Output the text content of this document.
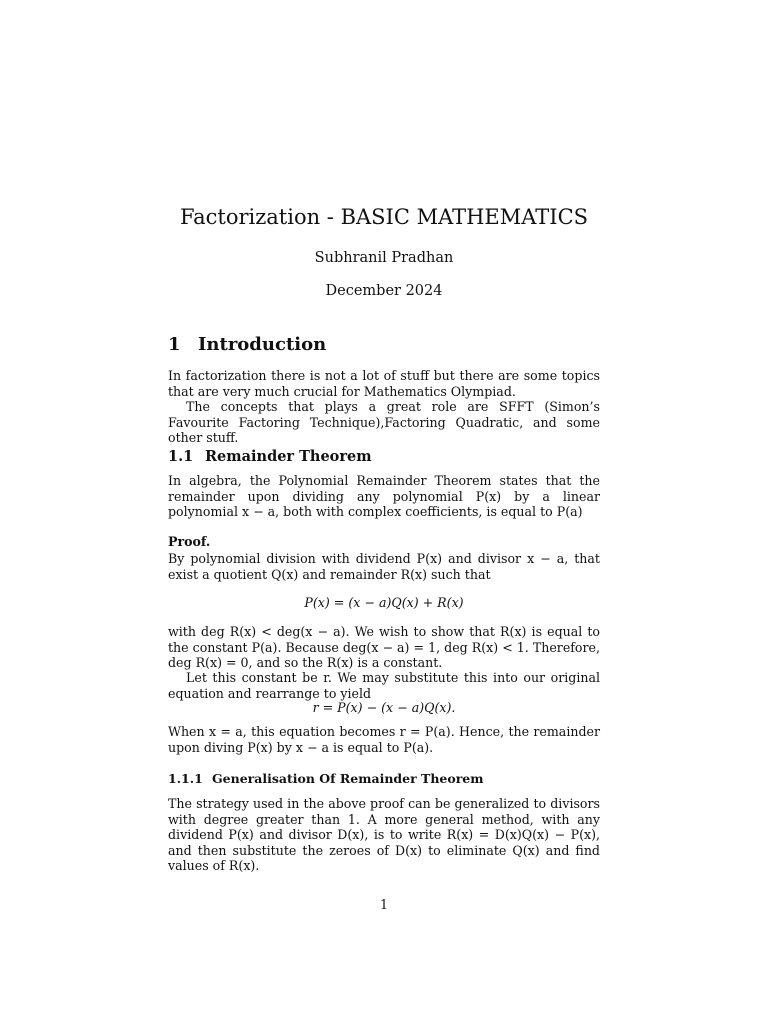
Factorization - BASIC MATHEMATICS
Subhranil Pradhan
December 2024
1 Introduction
In factorization there is not a lot of stuff but there are some topics that are very much crucial for Mathematics Olympiad.
The concepts that plays a great role are SFFT (Simon’s Favourite Factoring Technique),Factoring Quadratic, and some other stuff.
1.1 Remainder Theorem
In algebra, the Polynomial Remainder Theorem states that the remainder upon dividing any polynomial P(x) by a linear polynomial x − a, both with complex coefficients, is equal to P(a)
Proof.
By polynomial division with dividend P(x) and divisor x − a, that exist a quotient Q(x) and remainder R(x) such that
P(x) = (x − a)Q(x) + R(x)
with deg R(x) < deg(x − a). We wish to show that R(x) is equal to the constant P(a). Because deg(x − a) = 1, deg R(x) < 1. Therefore, deg R(x) = 0, and so the R(x) is a constant.
Let this constant be r. We may substitute this into our original equation and rearrange to yield
r = P(x) − (x − a)Q(x).
When x = a, this equation becomes r = P(a). Hence, the remainder upon diving P(x) by x − a is equal to P(a).
1.1.1 Generalisation Of Remainder Theorem
The strategy used in the above proof can be generalized to divisors with degree greater than 1. A more general method, with any dividend P(x) and divisor D(x), is to write R(x) = D(x)Q(x) − P(x), and then substitute the zeroes of D(x) to eliminate Q(x) and find values of R(x).
1
